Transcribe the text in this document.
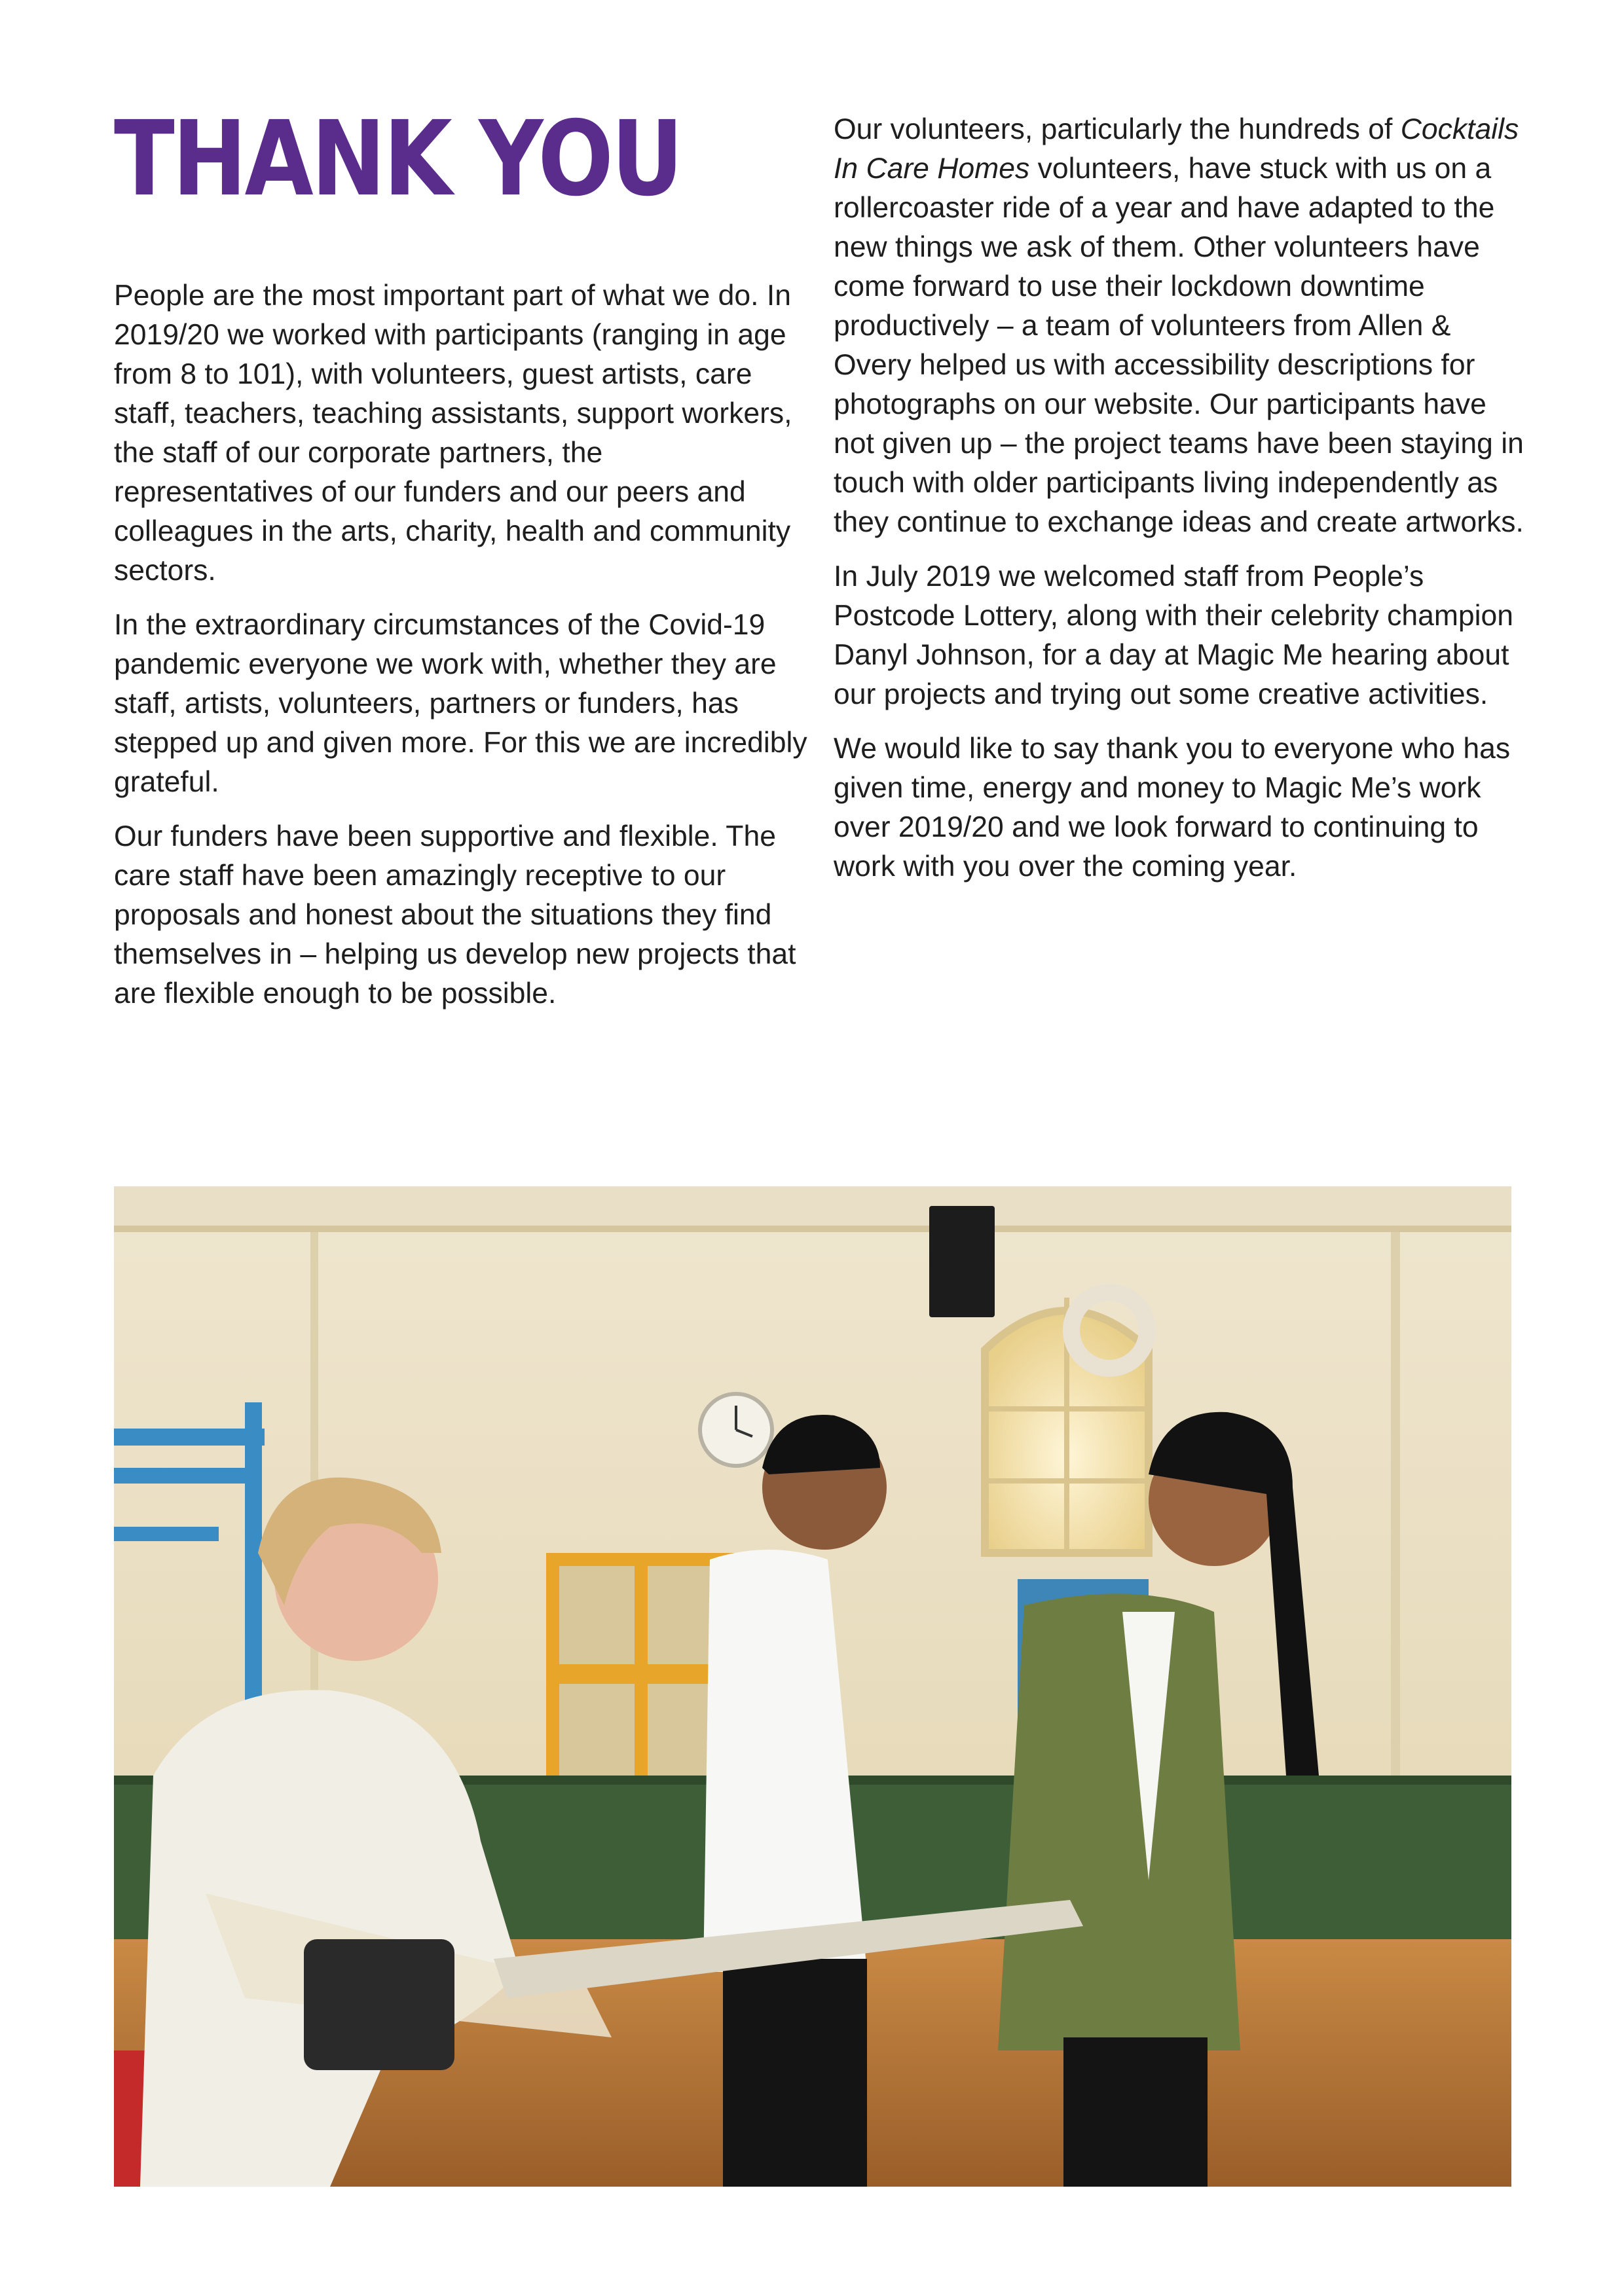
THANK YOU

People are the most important part of what we do. In 2019/20 we worked with participants (ranging in age from 8 to 101), with volunteers, guest artists, care staff, teachers, teaching assistants, support workers, the staff of our corporate partners, the representatives of our funders and our peers and colleagues in the arts, charity, health and community sectors.

In the extraordinary circumstances of the Covid-19 pandemic everyone we work with, whether they are staff, artists, volunteers, partners or funders, has stepped up and given more. For this we are incredibly grateful.

Our funders have been supportive and flexible. The care staff have been amazingly receptive to our proposals and honest about the situations they find themselves in – helping us develop new projects that are flexible enough to be possible.

Our volunteers, particularly the hundreds of Cocktails In Care Homes volunteers, have stuck with us on a rollercoaster ride of a year and have adapted to the new things we ask of them. Other volunteers have come forward to use their lockdown downtime productively – a team of volunteers from Allen & Overy helped us with accessibility descriptions for photographs on our website. Our participants have not given up – the project teams have been staying in touch with older participants living independently as they continue to exchange ideas and create artworks.

In July 2019 we welcomed staff from People’s Postcode Lottery, along with their celebrity champion Danyl Johnson, for a day at Magic Me hearing about our projects and trying out some creative activities.

We would like to say thank you to everyone who has given time, energy and money to Magic Me’s work over 2019/20 and we look forward to continuing to work with you over the coming year.
